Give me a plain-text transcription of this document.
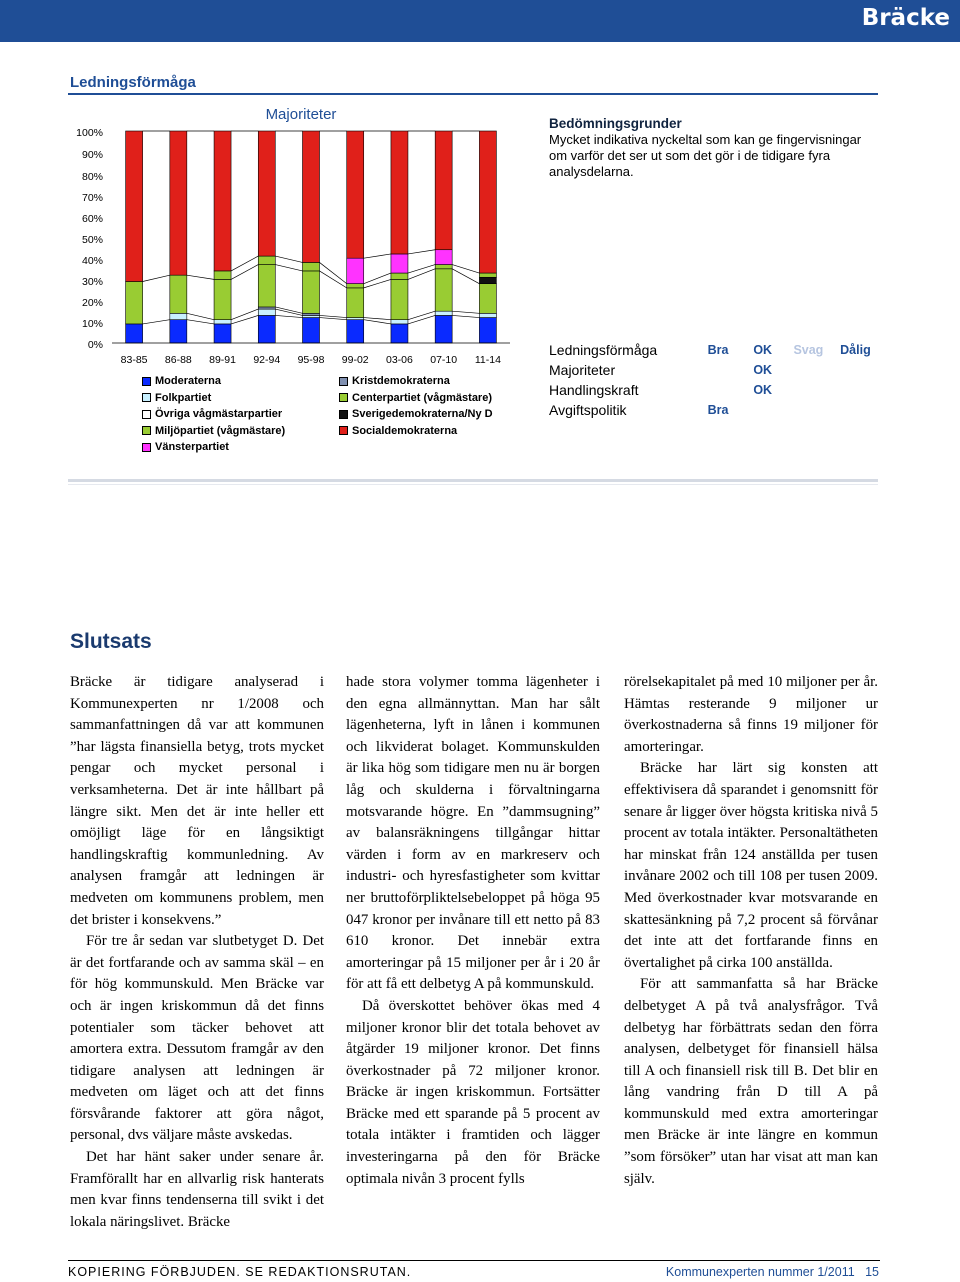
Bräcke
Ledningsförmåga
Majoriteter
0%
10%
20%
30%
40%
50%
60%
70%
80%
90%
100%
83-85 86-88 89-91 92-94 95-98 99-02 03-06 07-10 11-14
Moderaterna
Folkpartiet
Övriga vågmästarpartier
Miljöpartiet (vågmästare)
Vänsterpartiet
Kristdemokraterna
Centerpartiet (vågmästare)
Sverigedemokraterna/Ny D
Socialdemokraterna
Bedömningsgrunder
Mycket indikativa nyckeltal som kan ge fingervisningar om varför det ser ut som det gör i de tidigare fyra analysdelarna.
Ledningsförmåga	Bra	OK	Svag	Dålig
Majoriteter		OK		
Handlingskraft		OK		
Avgiftspolitik	Bra			
Slutsats

Bräcke är tidigare analyserad i Kommunexperten nr 1/2008 och sammanfattningen då var att kommunen ”har lägsta finansiella betyg, trots mycket pengar och mycket personal i verksamheterna. Det är inte hållbart på längre sikt. Men det är inte heller ett omöjligt läge för en långsiktigt handlingskraftig kommunledning. Av analysen framgår att ledningen är medveten om kommunens problem, men det brister i konsekvens.”

För tre år sedan var slutbetyget D. Det är det fortfarande och av samma skäl – en för hög kommunskuld. Men Bräcke var och är ingen kriskommun då det finns potentialer som täcker behovet att amortera extra. Dessutom framgår av den tidigare analysen att ledningen är medveten om läget och att det finns försvårande faktorer att göra något, personal, dvs väljare måste avskedas.

Det har hänt saker under senare år. Framförallt har en allvarlig risk hanterats men kvar finns tendenserna till svikt i det lokala näringslivet. Bräcke

hade stora volymer tomma lägenheter i den egna allmännyttan. Man har sålt lägenheterna, lyft in lånen i kommunen och likviderat bolaget. Kommunskulden är lika hög som tidigare men nu är borgen låg och skulderna i förvaltningarna motsvarande högre. En ”dammsugning” av balansräkningens tillgångar hittar värden i form av en markreserv och industri- och hyresfastigheter som kvittar ner bruttoförpliktelsebeloppet på höga 95 047 kronor per invånare till ett netto på 83 610 kronor. Det innebär extra amorteringar på 15 miljoner per år i 20 år för att få ett delbetyg A på kommunskuld.

Då överskottet behöver ökas med 4 miljoner kronor blir det totala behovet av åtgärder 19 miljoner kronor. Det finns överkostnader på 72 miljoner kronor. Bräcke är ingen kriskommun. Fortsätter Bräcke med ett sparande på 5 procent av totala intäkter i framtiden och lägger investeringarna på den för Bräcke optimala nivån 3 procent fylls

rörelsekapitalet på med 10 miljoner per år. Hämtas resterande 9 miljoner ur överkostnaderna så finns 19 miljoner för amorteringar.

Bräcke har lärt sig konsten att effektivisera då sparandet i genomsnitt för senare år ligger över högsta kritiska nivå 5 procent av totala intäkter. Personaltätheten har minskat från 124 anställda per tusen invånare 2002 och till 108 per tusen 2009. Med överkostnader kvar motsvarande en skattesänkning på 7,2 procent så förvånar det inte att det fortfarande finns en övertalighet på cirka 100 anställda.

För att sammanfatta så har Bräcke delbetyget A på två analysfrågor. Två delbetyg har förbättrats sedan den förra analysen, delbetyget för finansiell hälsa till A och finansiell risk till B. Det blir en lång vandring från D till A på kommunskuld med extra amorteringar men Bräcke är inte längre en kommun ”som försöker” utan har visat att man kan själv.

KOPIERING FÖRBJUDEN. SE REDAKTIONSRUTAN.	Kommunexperten nummer 1/2011 15
